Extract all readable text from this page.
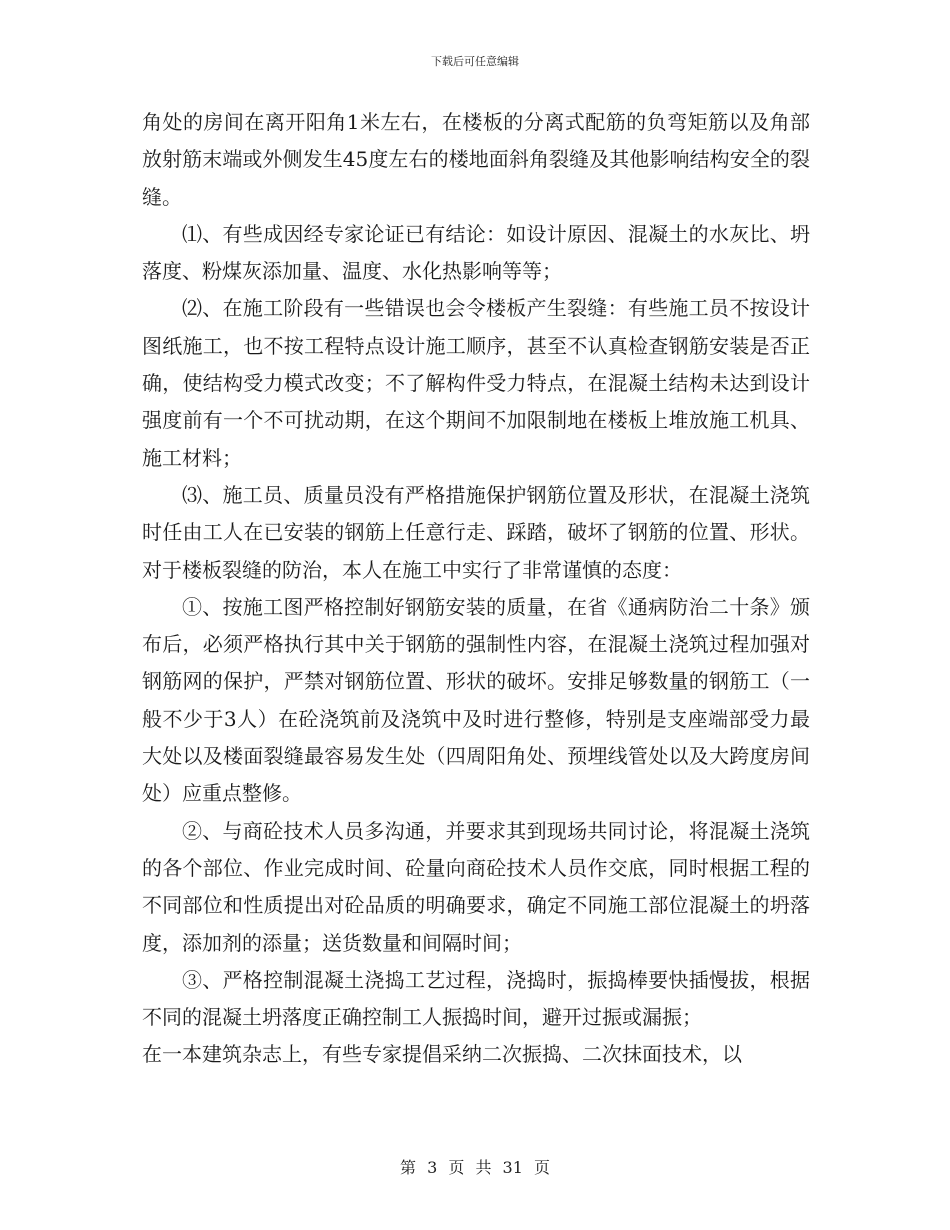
下载后可任意编辑

角处的房间在离开阳角1米左右，在楼板的分离式配筋的负弯矩筋以及角部放射筋末端或外侧发生45度左右的楼地面斜角裂缝及其他影响结构安全的裂缝。

⑴、有些成因经专家论证已有结论：如设计原因、混凝土的水灰比、坍落度、粉煤灰添加量、温度、水化热影响等等；

⑵、在施工阶段有一些错误也会令楼板产生裂缝：有些施工员不按设计图纸施工，也不按工程特点设计施工顺序，甚至不认真检查钢筋安装是否正确，使结构受力模式改变；不了解构件受力特点，在混凝土结构未达到设计强度前有一个不可扰动期，在这个期间不加限制地在楼板上堆放施工机具、施工材料；

⑶、施工员、质量员没有严格措施保护钢筋位置及形状，在混凝土浇筑时任由工人在已安装的钢筋上任意行走、踩踏，破坏了钢筋的位置、形状。对于楼板裂缝的防治，本人在施工中实行了非常谨慎的态度：

①、按施工图严格控制好钢筋安装的质量，在省《通病防治二十条》颁布后，必须严格执行其中关于钢筋的强制性内容，在混凝土浇筑过程加强对钢筋网的保护，严禁对钢筋位置、形状的破坏。安排足够数量的钢筋工（一般不少于3人）在砼浇筑前及浇筑中及时进行整修，特别是支座端部受力最大处以及楼面裂缝最容易发生处（四周阳角处、预埋线管处以及大跨度房间处）应重点整修。

②、与商砼技术人员多沟通，并要求其到现场共同讨论，将混凝土浇筑的各个部位、作业完成时间、砼量向商砼技术人员作交底，同时根据工程的不同部位和性质提出对砼品质的明确要求，确定不同施工部位混凝土的坍落度，添加剂的添量；送货数量和间隔时间；

③、严格控制混凝土浇捣工艺过程，浇捣时，振捣棒要快插慢拔，根据不同的混凝土坍落度正确控制工人振捣时间，避开过振或漏振；

在一本建筑杂志上，有些专家提倡采纳二次振捣、二次抹面技术，以

第 3 页 共 31 页
